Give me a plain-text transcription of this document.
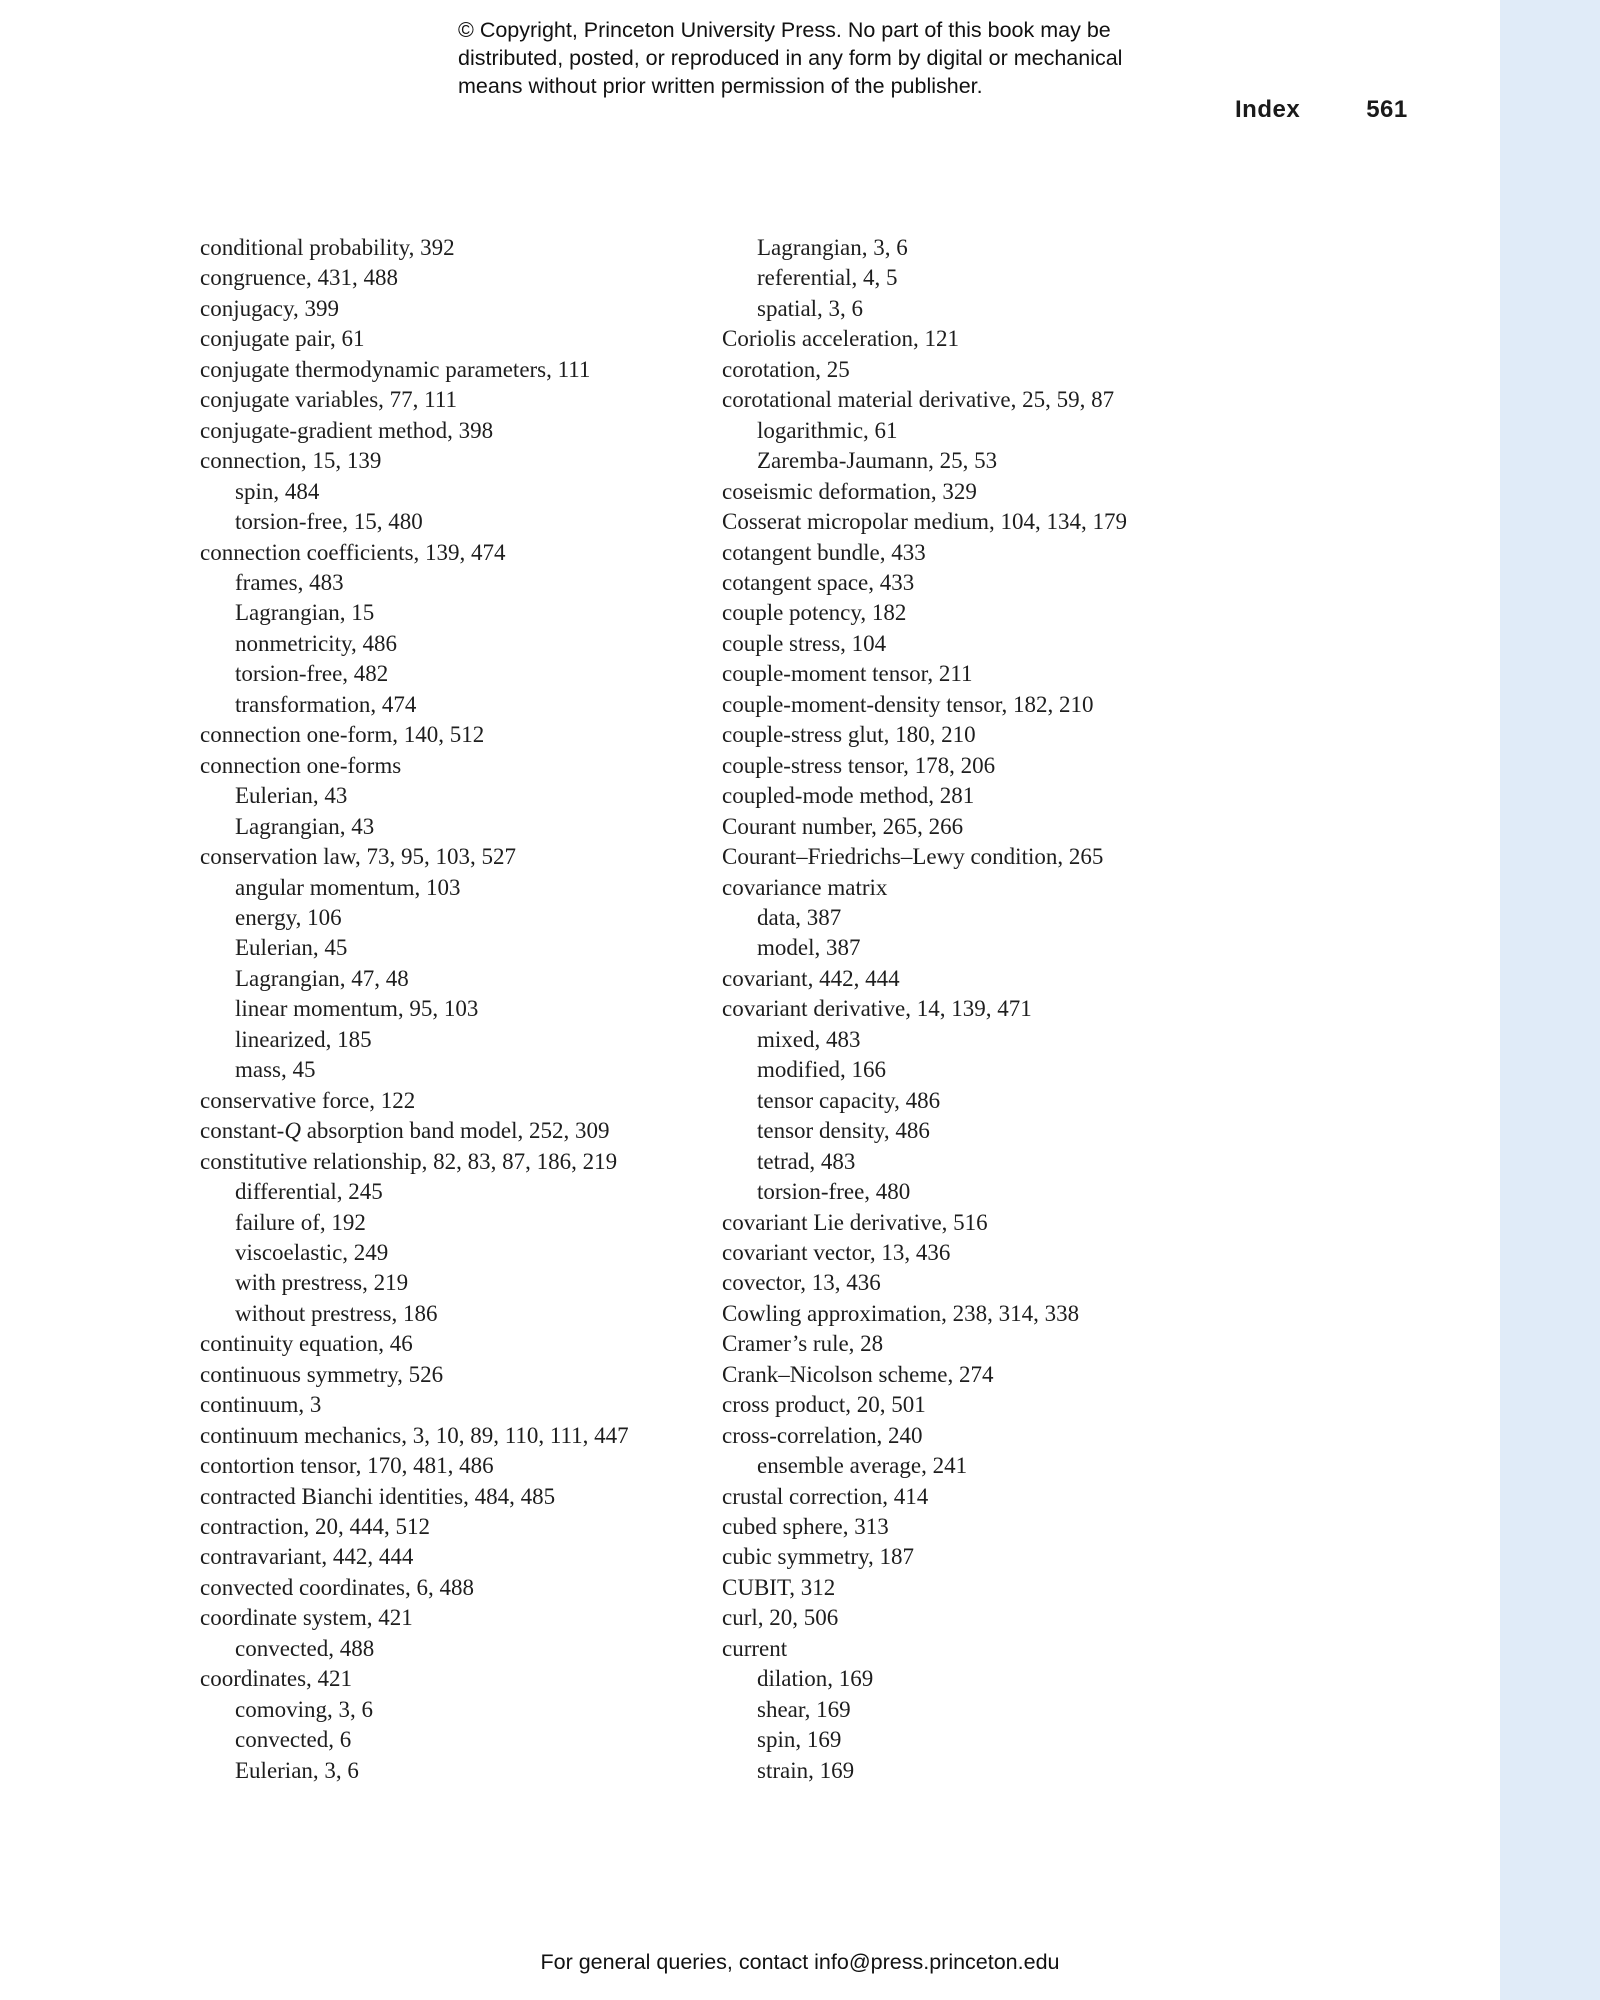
© Copyright, Princeton University Press. No part of this book may be
distributed, posted, or reproduced in any form by digital or mechanical
means without prior written permission of the publisher.
Index	561
conditional probability, 392
congruence, 431, 488
conjugacy, 399
conjugate pair, 61
conjugate thermodynamic parameters, 111
conjugate variables, 77, 111
conjugate-gradient method, 398
connection, 15, 139
spin, 484
torsion-free, 15, 480
connection coefficients, 139, 474
frames, 483
Lagrangian, 15
nonmetricity, 486
torsion-free, 482
transformation, 474
connection one-form, 140, 512
connection one-forms
Eulerian, 43
Lagrangian, 43
conservation law, 73, 95, 103, 527
angular momentum, 103
energy, 106
Eulerian, 45
Lagrangian, 47, 48
linear momentum, 95, 103
linearized, 185
mass, 45
conservative force, 122
constant-Q absorption band model, 252, 309
constitutive relationship, 82, 83, 87, 186, 219
differential, 245
failure of, 192
viscoelastic, 249
with prestress, 219
without prestress, 186
continuity equation, 46
continuous symmetry, 526
continuum, 3
continuum mechanics, 3, 10, 89, 110, 111, 447
contortion tensor, 170, 481, 486
contracted Bianchi identities, 484, 485
contraction, 20, 444, 512
contravariant, 442, 444
convected coordinates, 6, 488
coordinate system, 421
convected, 488
coordinates, 421
comoving, 3, 6
convected, 6
Eulerian, 3, 6
Lagrangian, 3, 6
referential, 4, 5
spatial, 3, 6
Coriolis acceleration, 121
corotation, 25
corotational material derivative, 25, 59, 87
logarithmic, 61
Zaremba-Jaumann, 25, 53
coseismic deformation, 329
Cosserat micropolar medium, 104, 134, 179
cotangent bundle, 433
cotangent space, 433
couple potency, 182
couple stress, 104
couple-moment tensor, 211
couple-moment-density tensor, 182, 210
couple-stress glut, 180, 210
couple-stress tensor, 178, 206
coupled-mode method, 281
Courant number, 265, 266
Courant–Friedrichs–Lewy condition, 265
covariance matrix
data, 387
model, 387
covariant, 442, 444
covariant derivative, 14, 139, 471
mixed, 483
modified, 166
tensor capacity, 486
tensor density, 486
tetrad, 483
torsion-free, 480
covariant Lie derivative, 516
covariant vector, 13, 436
covector, 13, 436
Cowling approximation, 238, 314, 338
Cramer’s rule, 28
Crank–Nicolson scheme, 274
cross product, 20, 501
cross-correlation, 240
ensemble average, 241
crustal correction, 414
cubed sphere, 313
cubic symmetry, 187
CUBIT, 312
curl, 20, 506
current
dilation, 169
shear, 169
spin, 169
strain, 169
For general queries, contact info@press.princeton.edu
